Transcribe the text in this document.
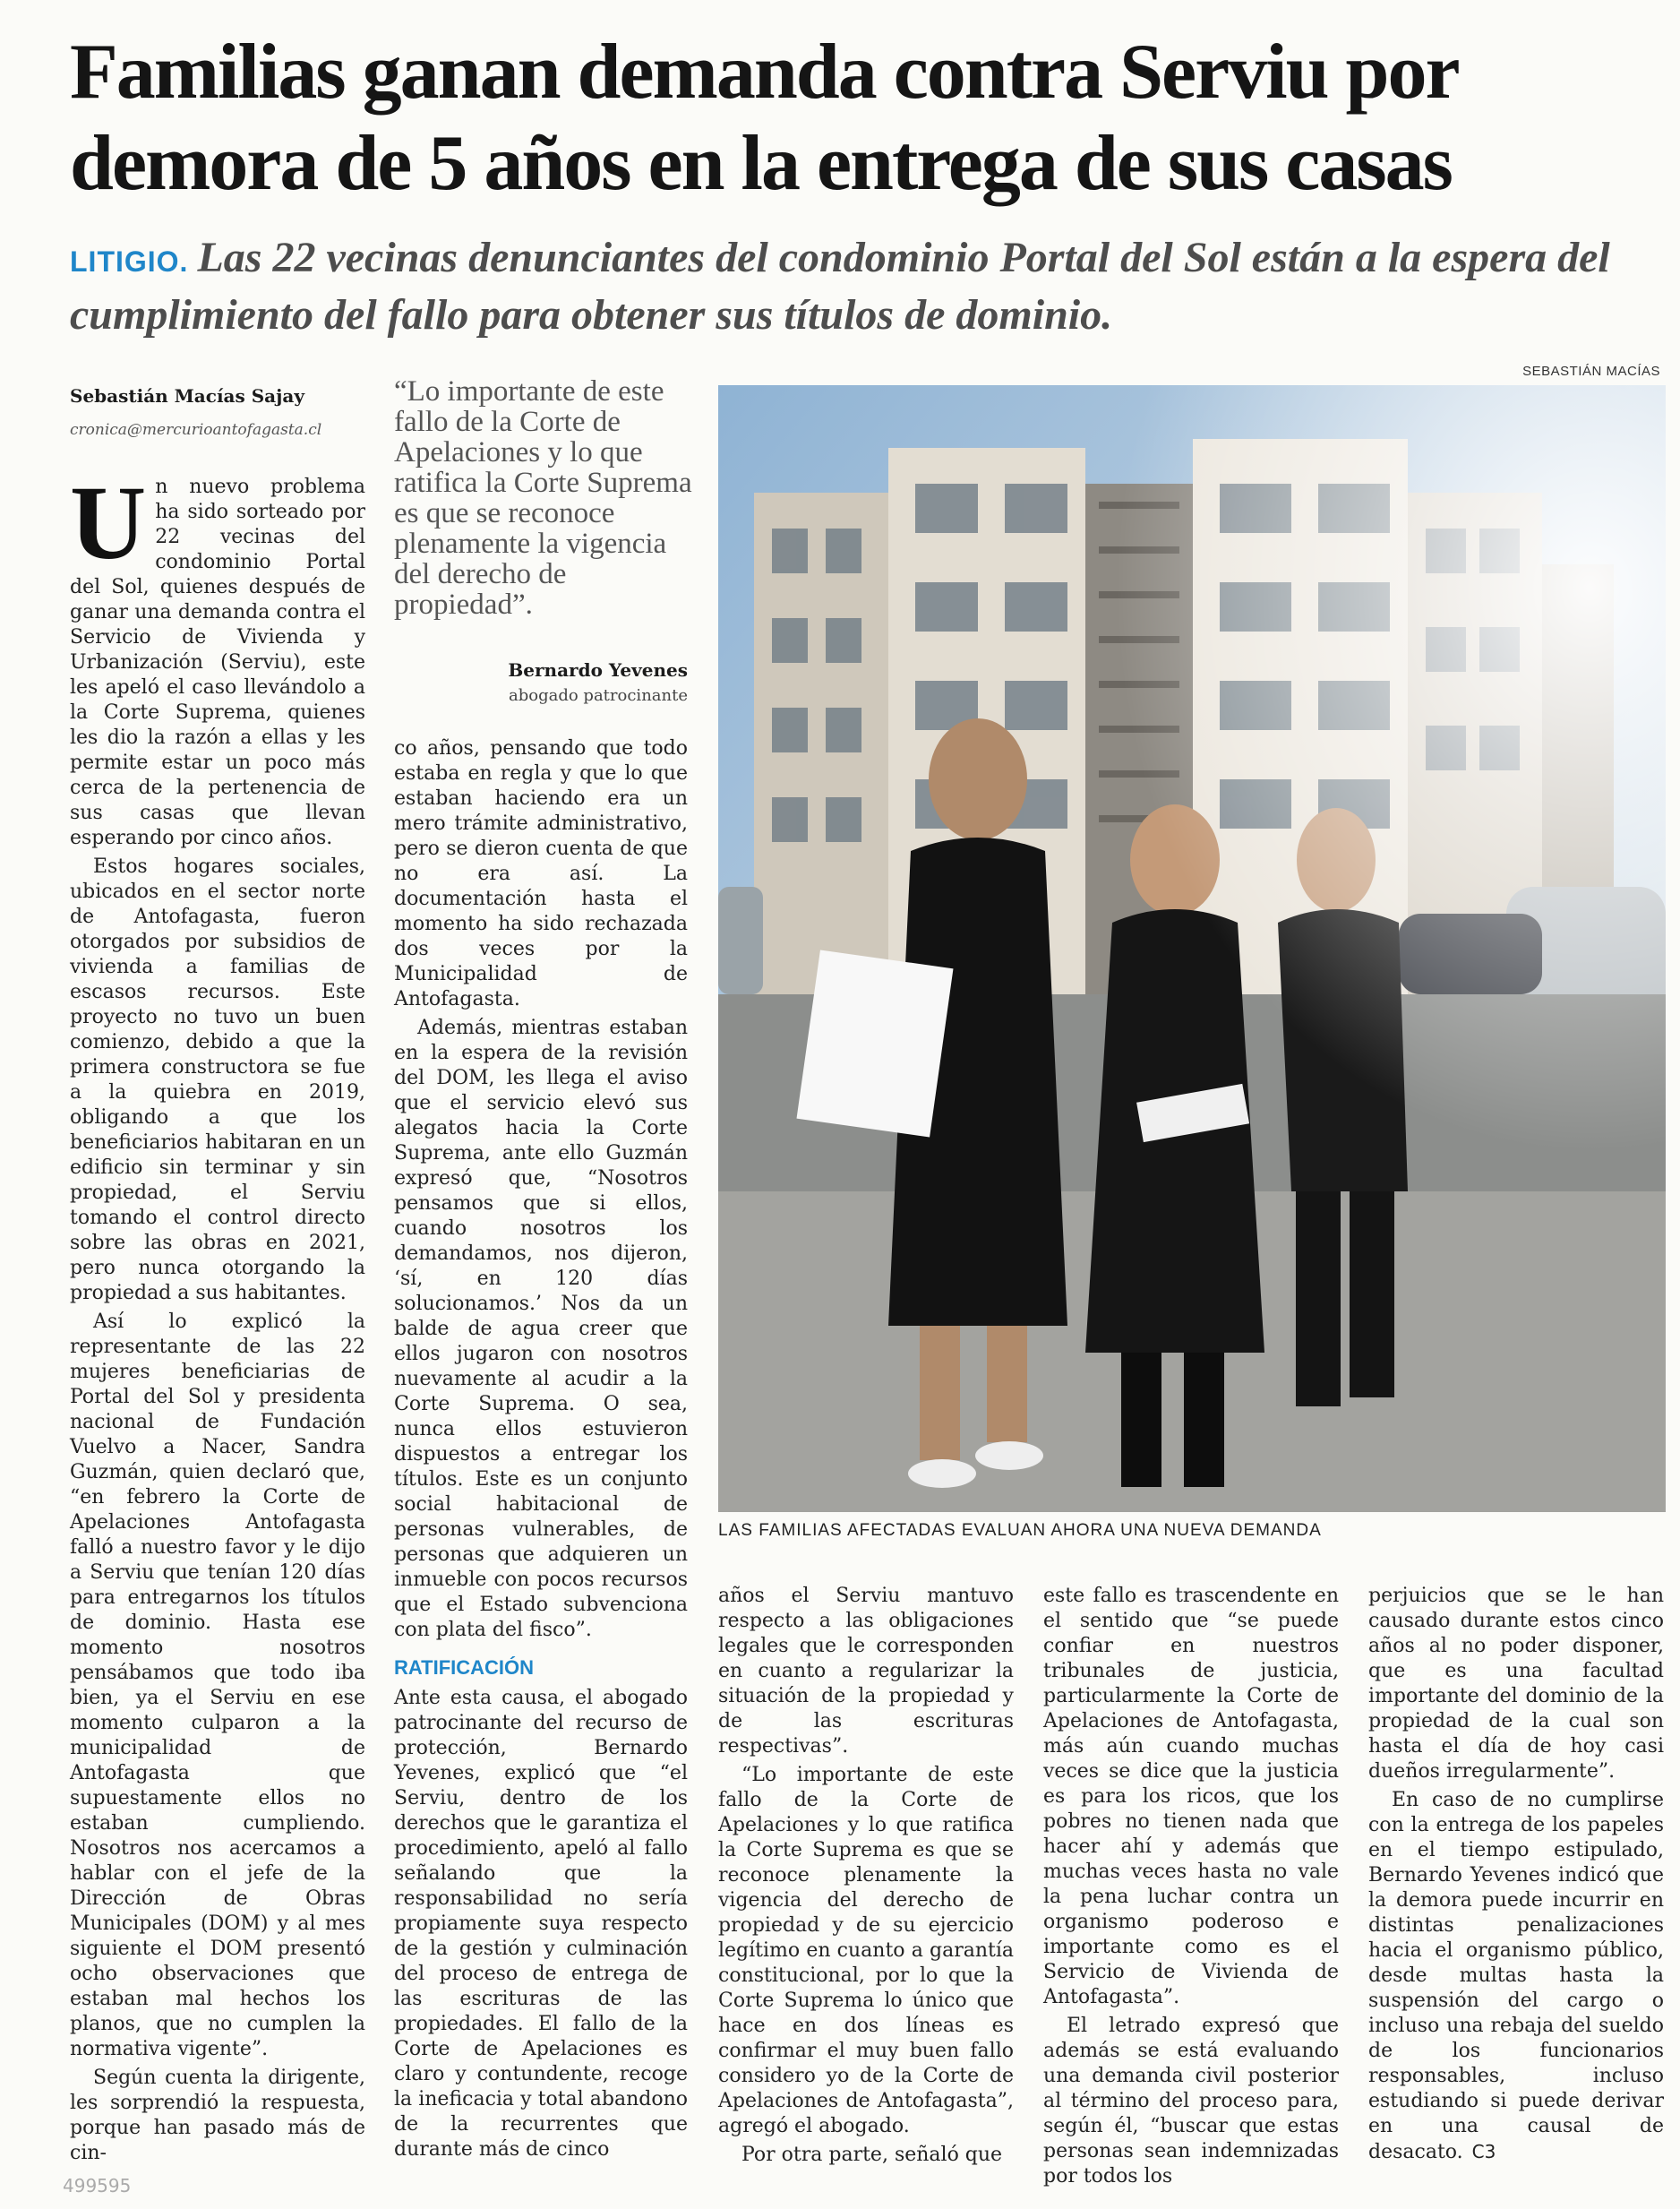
Familias ganan demanda contra Serviu por demora de 5 años en la entrega de sus casas
LITIGIO. Las 22 vecinas denunciantes del condominio Portal del Sol están a la espera del cumplimiento del fallo para obtener sus títulos de dominio.
SEBASTIÁN MACÍAS
Sebastián Macías Sajay
cronica@mercurioantofagasta.cl

Un nuevo problema ha sido sorteado por 22 vecinas del condominio Portal del Sol, quienes después de ganar una demanda contra el Servicio de Vivienda y Urbanización (Serviu), este les apeló el caso llevándolo a la Corte Suprema, quienes les dio la razón a ellas y les permite estar un poco más cerca de la pertenencia de sus casas que llevan esperando por cinco años.

Estos hogares sociales, ubicados en el sector norte de Antofagasta, fueron otorgados por subsidios de vivienda a familias de escasos recursos. Este proyecto no tuvo un buen comienzo, debido a que la primera constructora se fue a la quiebra en 2019, obligando a que los beneficiarios habitaran en un edificio sin terminar y sin propiedad, el Serviu tomando el control directo sobre las obras en 2021, pero nunca otorgando la propiedad a sus habitantes.

Así lo explicó la representante de las 22 mujeres beneficiarias de Portal del Sol y presidenta nacional de Fundación Vuelvo a Nacer, Sandra Guzmán, quien declaró que, “en febrero la Corte de Apelaciones Antofagasta falló a nuestro favor y le dijo a Serviu que tenían 120 días para entregarnos los títulos de dominio. Hasta ese momento nosotros pensábamos que todo iba bien, ya el Serviu en ese momento culparon a la municipalidad de Antofagasta que supuestamente ellos no estaban cumpliendo. Nosotros nos acercamos a hablar con el jefe de la Dirección de Obras Municipales (DOM) y al mes siguiente el DOM presentó ocho observaciones que estaban mal hechos los planos, que no cumplen la normativa vigente”.

Según cuenta la dirigente, les sorprendió la respuesta, porque han pasado más de cin-

“Lo importante de este fallo de la Corte de Apelaciones y lo que ratifica la Corte Suprema es que se reconoce plenamente la vigencia del derecho de propiedad”.
Bernardo Yevenes
abogado patrocinante

co años, pensando que todo estaba en regla y que lo que estaban haciendo era un mero trámite administrativo, pero se dieron cuenta de que no era así. La documentación hasta el momento ha sido rechazada dos veces por la Municipalidad de Antofagasta.

Además, mientras estaban en la espera de la revisión del DOM, les llega el aviso que el servicio elevó sus alegatos hacia la Corte Suprema, ante ello Guzmán expresó que, “Nosotros pensamos que si ellos, cuando nosotros los demandamos, nos dijeron, ‘sí, en 120 días solucionamos.’ Nos da un balde de agua creer que ellos jugaron con nosotros nuevamente al acudir a la Corte Suprema. O sea, nunca ellos estuvieron dispuestos a entregar los títulos. Este es un conjunto social habitacional de personas vulnerables, de personas que adquieren un inmueble con pocos recursos que el Estado subvenciona con plata del fisco”.

RATIFICACIÓN

Ante esta causa, el abogado patrocinante del recurso de protección, Bernardo Yevenes, explicó que “el Serviu, dentro de los derechos que le garantiza el procedimiento, apeló al fallo señalando que la responsabilidad no sería propiamente suya respecto de la gestión y culminación del proceso de entrega de las escrituras de las propiedades. El fallo de la Corte de Apelaciones es claro y contundente, recoge la ineficacia y total abandono de la recurrentes que durante más de cinco

LAS FAMILIAS AFECTADAS EVALUAN AHORA UNA NUEVA DEMANDA

años el Serviu mantuvo respecto a las obligaciones legales que le corresponden en cuanto a regularizar la situación de la propiedad y de las escrituras respectivas”.

“Lo importante de este fallo de la Corte de Apelaciones y lo que ratifica la Corte Suprema es que se reconoce plenamente la vigencia del derecho de propiedad y de su ejercicio legítimo en cuanto a garantía constitucional, por lo que la Corte Suprema lo único que hace en dos líneas es confirmar el muy buen fallo considero yo de la Corte de Apelaciones de Antofagasta”, agregó el abogado.

Por otra parte, señaló que

este fallo es trascendente en el sentido que “se puede confiar en nuestros tribunales de justicia, particularmente la Corte de Apelaciones de Antofagasta, más aún cuando muchas veces se dice que la justicia es para los ricos, que los pobres no tienen nada que hacer ahí y además que muchas veces hasta no vale la pena luchar contra un organismo poderoso e importante como es el Servicio de Vivienda de Antofagasta”.

El letrado expresó que además se está evaluando una demanda civil posterior al término del proceso para, según él, “buscar que estas personas sean indemnizadas por todos los

perjuicios que se le han causado durante estos cinco años al no poder disponer, que es una facultad importante del dominio de la propiedad de la cual son hasta el día de hoy casi dueños irregularmente”.

En caso de no cumplirse con la entrega de los papeles en el tiempo estipulado, Bernardo Yevenes indicó que la demora puede incurrir en distintas penalizaciones hacia el organismo público, desde multas hasta la suspensión del cargo o incluso una rebaja del sueldo de los funcionarios responsables, incluso estudiando si puede derivar en una causal de desacato. C3

499595
